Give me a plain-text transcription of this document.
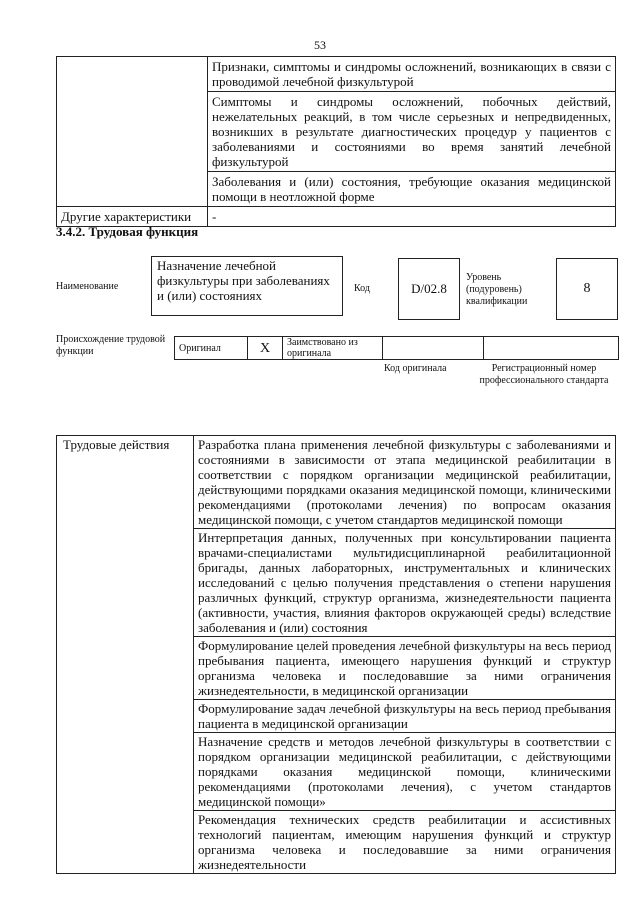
53
	Признаки, симптомы и синдромы осложнений, возникающих в связи с проводимой лечебной физкультурой
	Симптомы и синдромы осложнений, побочных действий, нежелательных реакций, в том числе серьезных и непредвиденных, возникших в результате диагностических процедур у пациентов с заболеваниями и состояниями во время занятий лечебной физкультурой
	Заболевания и (или) состояния, требующие оказания медицинской помощи в неотложной форме
Другие характеристики	-
3.4.2. Трудовая функция
Наименование
Назначение лечебной физкультуры при заболеваниях и (или) состояниях	Код	D/02.8
Уровень (подуровень) квалификации
8
Происхождение трудовой функции	Оригинал	X	Заимствовано из оригинала		
Код оригинала	Регистрационный номер профессионального стандарта
Трудовые действия	Разработка плана применения лечебной физкультуры с заболеваниями и состояниями в зависимости от этапа медицинской реабилитации в соответствии с порядком организации медицинской реабилитации, действующими порядками оказания медицинской помощи, клиническими рекомендациями (протоколами лечения) по вопросам оказания медицинской помощи, с учетом стандартов медицинской помощи
Интерпретация данных, полученных при консультировании пациента врачами-специалистами мультидисциплинарной реабилитационной бригады, данных лабораторных, инструментальных и клинических исследований с целью получения представления о степени нарушения различных функций, структур организма, жизнедеятельности пациента (активности, участия, влияния факторов окружающей среды) вследствие заболевания и (или) состояния
Формулирование целей проведения лечебной физкультуры на весь период пребывания пациента, имеющего нарушения функций и структур организма человека и последовавшие за ними ограничения жизнедеятельности, в медицинской организации
Формулирование задач лечебной физкультуры на весь период пребывания пациента в медицинской организации
Назначение средств и методов лечебной физкультуры в соответствии с порядком организации медицинской реабилитации, с действующими порядками оказания медицинской помощи, клиническими рекомендациями (протоколами лечения), с учетом стандартов медицинской помощи»
Рекомендация технических средств реабилитации и ассистивных технологий пациентам, имеющим нарушения функций и структур организма человека и последовавшие за ними ограничения жизнедеятельности
